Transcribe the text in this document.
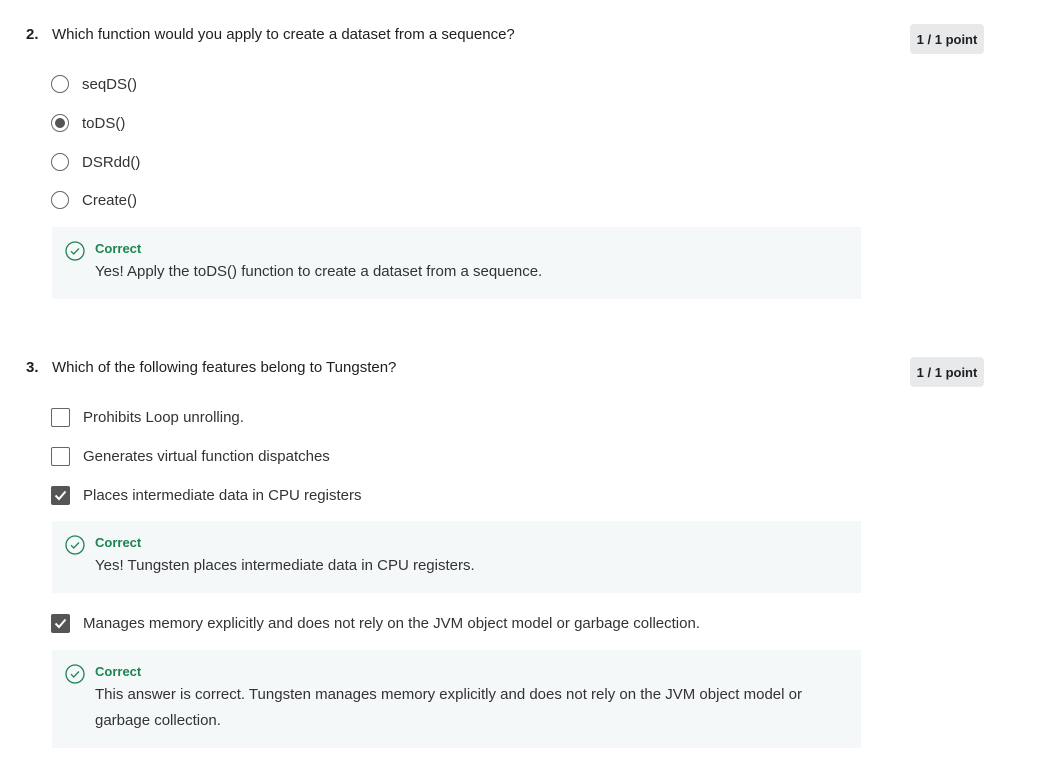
2. Which function would you apply to create a dataset from a sequence?	1 / 1 point
seqDS()
toDS()
DSRdd()
Create()
Correct
Yes! Apply the toDS() function to create a dataset from a sequence.
3. Which of the following features belong to Tungsten?	1 / 1 point
Prohibits Loop unrolling.
Generates virtual function dispatches
Places intermediate data in CPU registers
Correct
Yes! Tungsten places intermediate data in CPU registers.
Manages memory explicitly and does not rely on the JVM object model or garbage collection.
Correct
This answer is correct. Tungsten manages memory explicitly and does not rely on the JVM object model or garbage collection.
